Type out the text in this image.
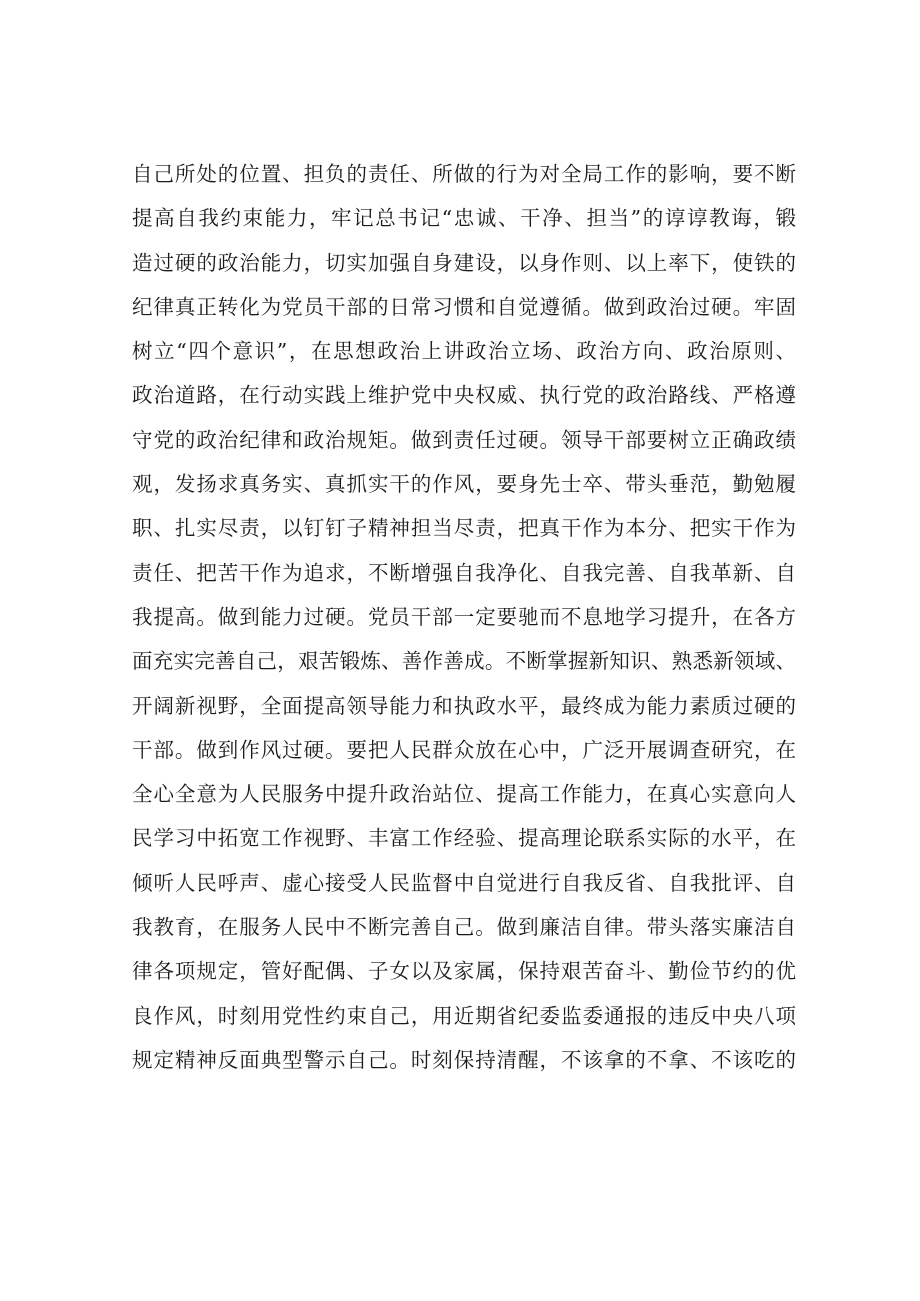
自己所处的位置、担负的责任、所做的行为对全局工作的影响，要不断
提高自我约束能力，牢记总书记“忠诚、干净、担当”的谆谆教诲，锻
造过硬的政治能力，切实加强自身建设，以身作则、以上率下，使铁的
纪律真正转化为党员干部的日常习惯和自觉遵循。做到政治过硬。牢固
树立“四个意识”，在思想政治上讲政治立场、政治方向、政治原则、
政治道路，在行动实践上维护党中央权威、执行党的政治路线、严格遵
守党的政治纪律和政治规矩。做到责任过硬。领导干部要树立正确政绩
观，发扬求真务实、真抓实干的作风，要身先士卒、带头垂范，勤勉履
职、扎实尽责，以钉钉子精神担当尽责，把真干作为本分、把实干作为
责任、把苦干作为追求，不断增强自我净化、自我完善、自我革新、自
我提高。做到能力过硬。党员干部一定要驰而不息地学习提升，在各方
面充实完善自己，艰苦锻炼、善作善成。不断掌握新知识、熟悉新领域、
开阔新视野，全面提高领导能力和执政水平，最终成为能力素质过硬的
干部。做到作风过硬。要把人民群众放在心中，广泛开展调查研究，在
全心全意为人民服务中提升政治站位、提高工作能力，在真心实意向人
民学习中拓宽工作视野、丰富工作经验、提高理论联系实际的水平，在
倾听人民呼声、虚心接受人民监督中自觉进行自我反省、自我批评、自
我教育，在服务人民中不断完善自己。做到廉洁自律。带头落实廉洁自
律各项规定，管好配偶、子女以及家属，保持艰苦奋斗、勤俭节约的优
良作风，时刻用党性约束自己，用近期省纪委监委通报的违反中央八项
规定精神反面典型警示自己。时刻保持清醒，不该拿的不拿、不该吃的
